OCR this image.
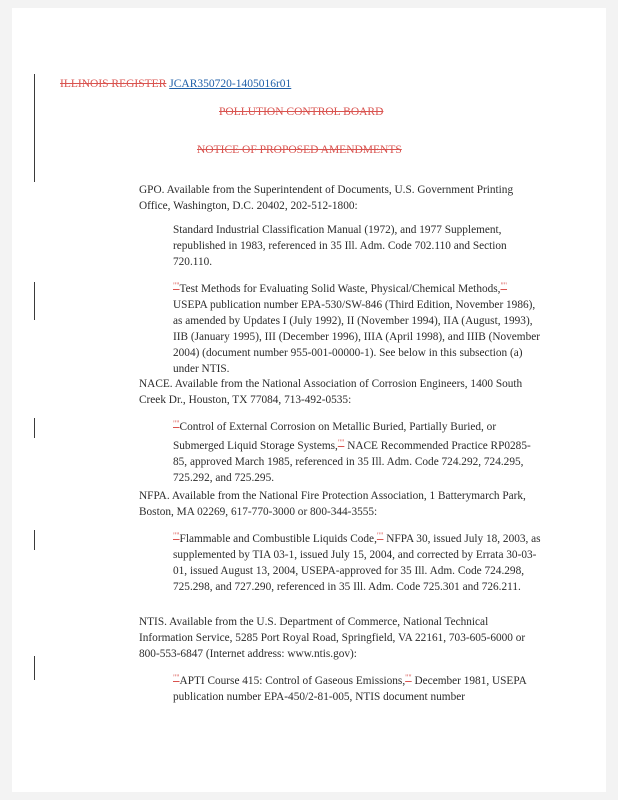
ILLINOIS REGISTER JCAR350720-1405016r01
POLLUTION CONTROL BOARD
NOTICE OF PROPOSED AMENDMENTS

GPO. Available from the Superintendent of Documents, U.S. Government Printing Office, Washington, D.C. 20402, 202-512-1800:

Standard Industrial Classification Manual (1972), and 1977 Supplement, republished in 1983, referenced in 35 Ill. Adm. Code 702.110 and Section 720.110.

""Test Methods for Evaluating Solid Waste, Physical/Chemical Methods,"" USEPA publication number EPA-530/SW-846 (Third Edition, November 1986), as amended by Updates I (July 1992), II (November 1994), IIA (August, 1993), IIB (January 1995), III (December 1996), IIIA (April 1998), and IIIB (November 2004) (document number 955-001-00000-1). See below in this subsection (a) under NTIS.

NACE. Available from the National Association of Corrosion Engineers, 1400 South Creek Dr., Houston, TX 77084, 713-492-0535:

""Control of External Corrosion on Metallic Buried, Partially Buried, or Submerged Liquid Storage Systems,"" NACE Recommended Practice RP0285-85, approved March 1985, referenced in 35 Ill. Adm. Code 724.292, 724.295, 725.292, and 725.295.

NFPA. Available from the National Fire Protection Association, 1 Batterymarch Park, Boston, MA 02269, 617-770-3000 or 800-344-3555:

""Flammable and Combustible Liquids Code,"" NFPA 30, issued July 18, 2003, as supplemented by TIA 03-1, issued July 15, 2004, and corrected by Errata 30-03-01, issued August 13, 2004, USEPA-approved for 35 Ill. Adm. Code 724.298, 725.298, and 727.290, referenced in 35 Ill. Adm. Code 725.301 and 726.211.

NTIS. Available from the U.S. Department of Commerce, National Technical Information Service, 5285 Port Royal Road, Springfield, VA 22161, 703-605-6000 or 800-553-6847 (Internet address: www.ntis.gov):

""APTI Course 415: Control of Gaseous Emissions,"" December 1981, USEPA publication number EPA-450/2-81-005, NTIS document number
